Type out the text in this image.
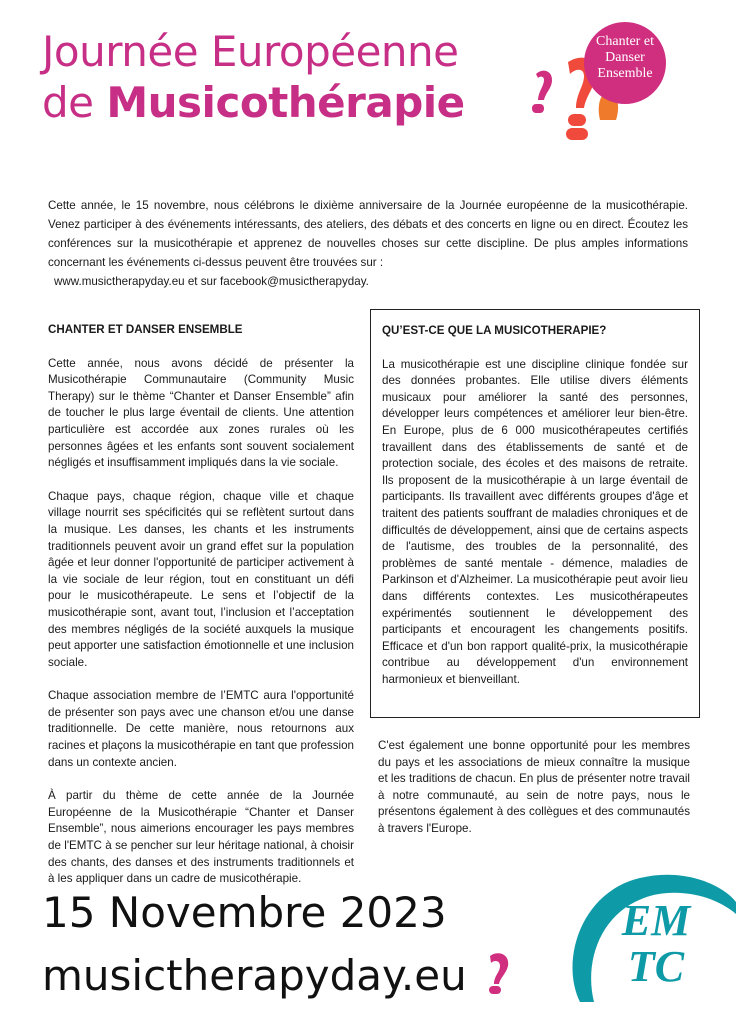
Journée Européenne
de Musicothérapie
Chanter et
Danser
Ensemble

Cette année, le 15 novembre, nous célébrons le dixième anniversaire de la Journée européenne de la musicothérapie. Venez participer à des événements intéressants, des ateliers, des débats et des concerts en ligne ou en direct. Écoutez les conférences sur la musicothérapie et apprenez de nouvelles choses sur cette discipline. De plus amples informations concernant les événements ci-dessus peuvent être trouvées sur :

www.musictherapyday.eu et sur facebook@musictherapyday.

CHANTER ET DANSER ENSEMBLE

Cette année, nous avons décidé de présenter la Musicothérapie Communautaire (Community Music Therapy) sur le thème “Chanter et Danser Ensemble” afin de toucher le plus large éventail de clients. Une attention particulière est accordée aux zones rurales où les personnes âgées et les enfants sont souvent socialement négligés et insuffisamment impliqués dans la vie sociale.

Chaque pays, chaque région, chaque ville et chaque village nourrit ses spécificités qui se reflètent surtout dans la musique. Les danses, les chants et les instruments traditionnels peuvent avoir un grand effet sur la population âgée et leur donner l'opportunité de participer activement à la vie sociale de leur région, tout en constituant un défi pour le musicothérapeute. Le sens et l’objectif de la musicothérapie sont, avant tout, l’inclusion et l’acceptation des membres négligés de la société auxquels la musique peut apporter une satisfaction émotionnelle et une inclusion sociale.

Chaque association membre de l’EMTC aura l'opportunité de présenter son pays avec une chanson et/ou une danse traditionnelle. De cette manière, nous retournons aux racines et plaçons la musicothérapie en tant que profession dans un contexte ancien.

À partir du thème de cette année de la Journée Européenne de la Musicothérapie “Chanter et Danser Ensemble”, nous aimerions encourager les pays membres de l'EMTC à se pencher sur leur héritage national, à choisir des chants, des danses et des instruments traditionnels et à les appliquer dans un cadre de musicothérapie.

QU’EST-CE QUE LA MUSICOTHERAPIE?

La musicothérapie est une discipline clinique fondée sur des données probantes. Elle utilise divers éléments musicaux pour améliorer la santé des personnes, développer leurs compétences et améliorer leur bien-être. En Europe, plus de 6 000 musicothérapeutes certifiés travaillent dans des établissements de santé et de protection sociale, des écoles et des maisons de retraite. Ils proposent de la musicothérapie à un large éventail de participants. Ils travaillent avec différents groupes d'âge et traitent des patients souffrant de maladies chroniques et de difficultés de développement, ainsi que de certains aspects de l'autisme, des troubles de la personnalité, des problèmes de santé mentale - démence, maladies de Parkinson et d'Alzheimer. La musicothérapie peut avoir lieu dans différents contextes. Les musicothérapeutes expérimentés soutiennent le développement des participants et encouragent les changements positifs. Efficace et d'un bon rapport qualité-prix, la musicothérapie contribue au développement d'un environnement harmonieux et bienveillant.

C'est également une bonne opportunité pour les membres du pays et les associations de mieux connaître la musique et les traditions de chacun. En plus de présenter notre travail à notre communauté, au sein de notre pays, nous le présentons également à des collègues et des communautés à travers l'Europe.
15 Novembre 2023
musictherapyday.eu
EM
TC
